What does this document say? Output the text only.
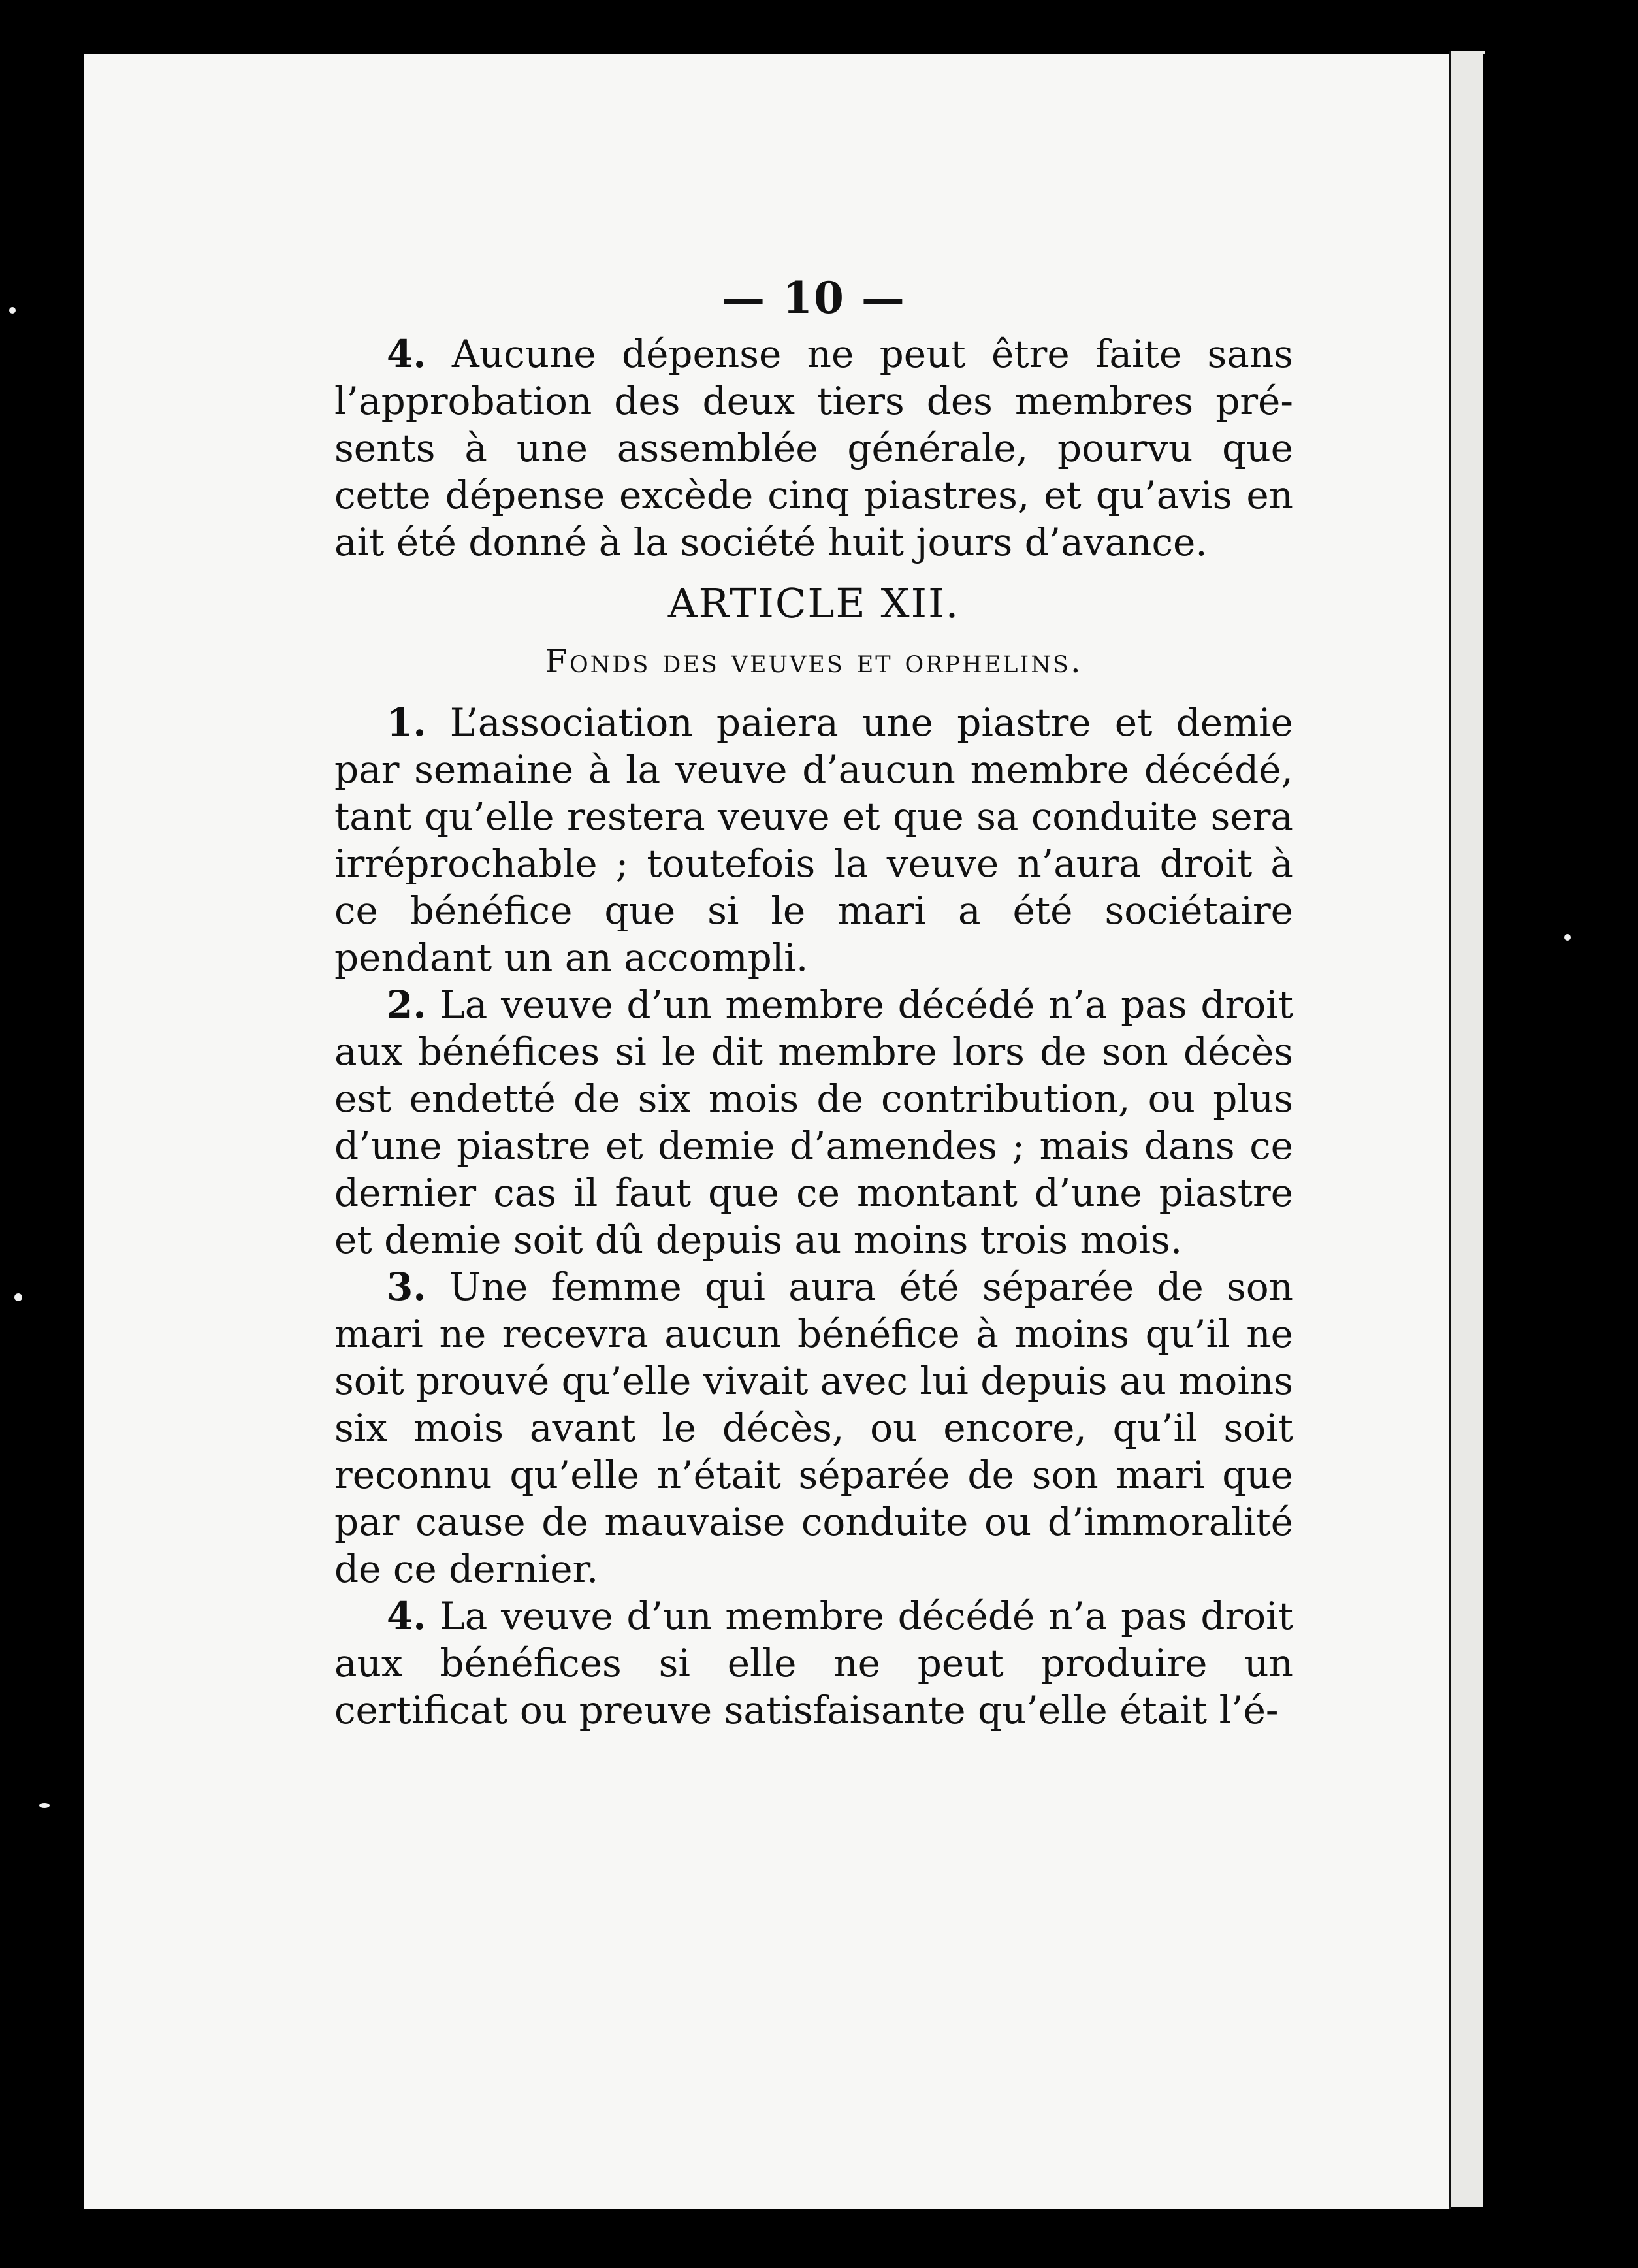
— 10 —

4. Aucune dépense ne peut être faite sans l’approbation des deux tiers des membres présents à une assemblée générale, pourvu que cette dépense excède cinq piastres, et qu’avis en ait été donné à la société huit jours d’avance.

ARTICLE XII.
Fonds des veuves et orphelins.

1. L’association paiera une piastre et demie par semaine à la veuve d’aucun membre décédé, tant qu’elle restera veuve et que sa conduite sera irréprochable ; toutefois la veuve n’aura droit à ce bénéfice que si le mari a été sociétaire pendant un an accompli.

2. La veuve d’un membre décédé n’a pas droit aux bénéfices si le dit membre lors de son décès est endetté de six mois de contribution, ou plus d’une piastre et demie d’amendes ; mais dans ce dernier cas il faut que ce montant d’une piastre et demie soit dû depuis au moins trois mois.

3. Une femme qui aura été séparée de son mari ne recevra aucun bénéfice à moins qu’il ne soit prouvé qu’elle vivait avec lui depuis au moins six mois avant le décès, ou encore, qu’il soit reconnu qu’elle n’était séparée de son mari que par cause de mauvaise conduite ou d’immoralité de ce dernier.

4. La veuve d’un membre décédé n’a pas droit aux bénéfices si elle ne peut produire un certificat ou preuve satisfaisante qu’elle était l’é-
